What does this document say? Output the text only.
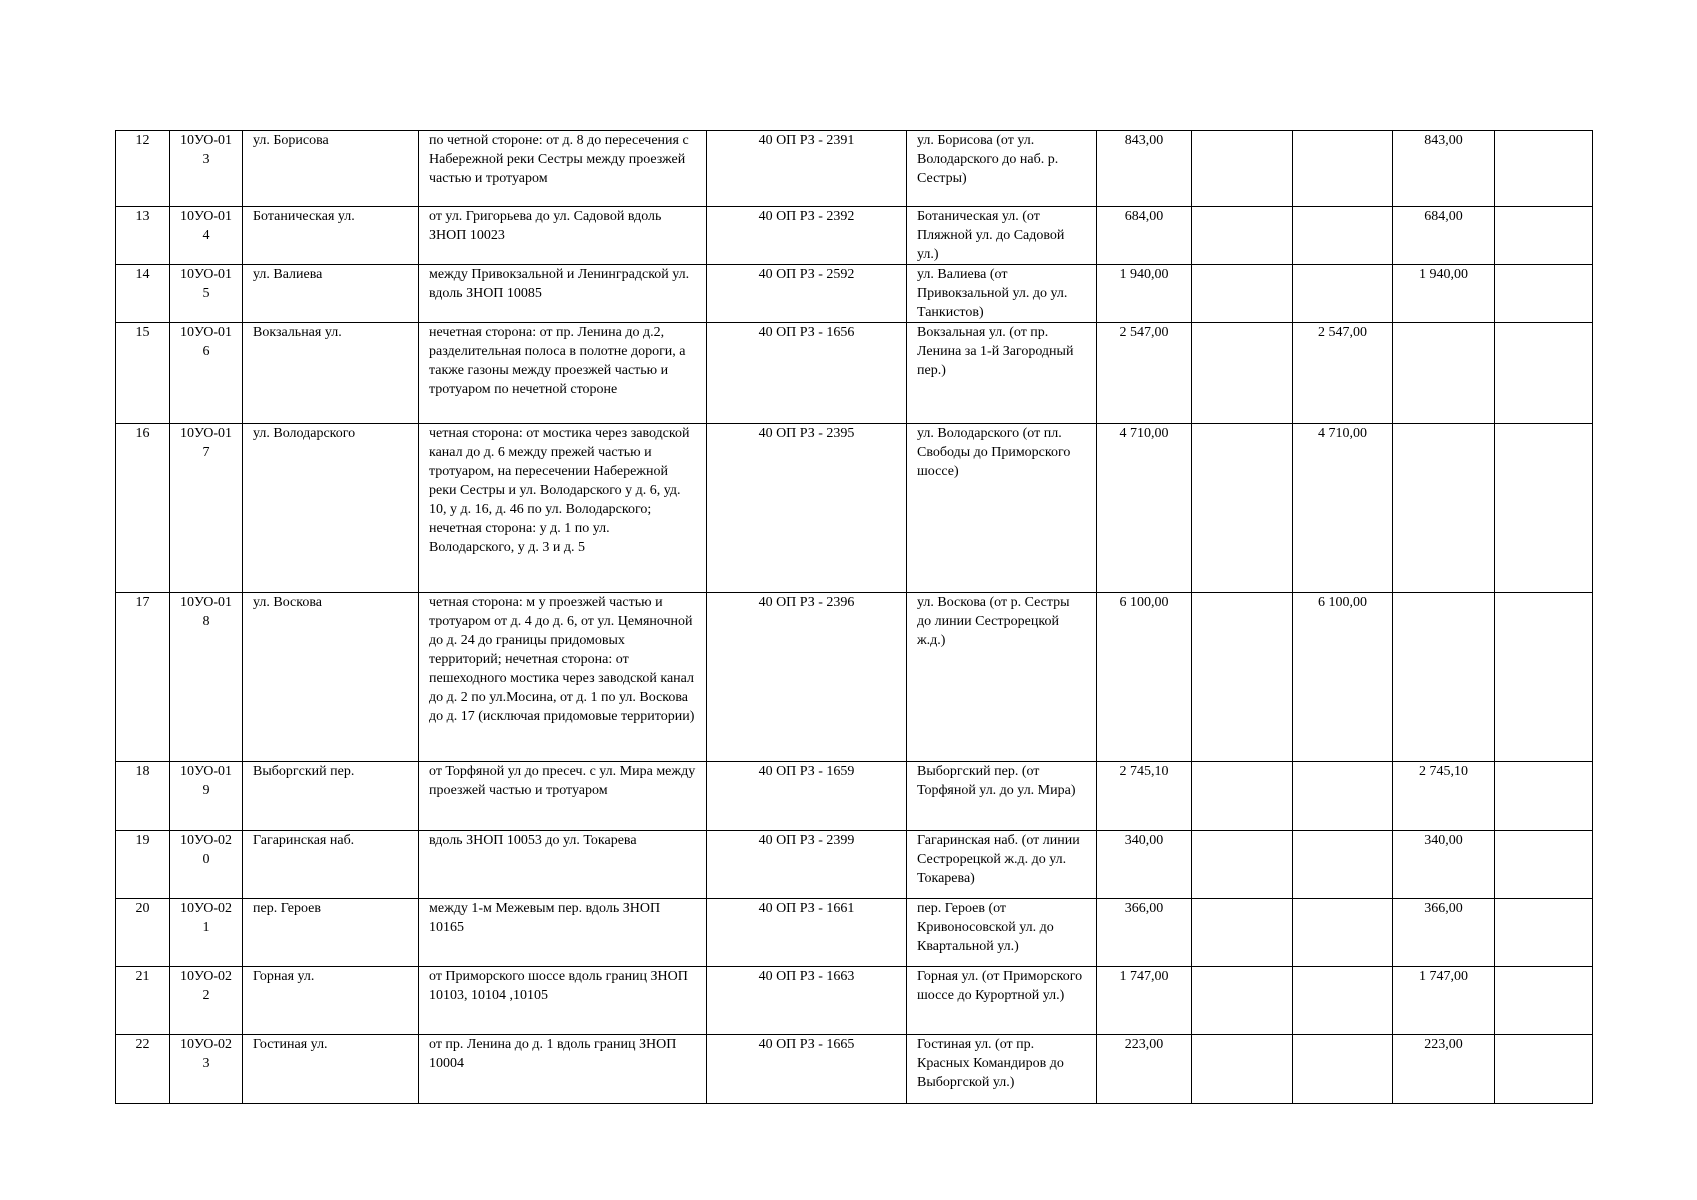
12	10УО-013	ул. Борисова	по четной стороне: от д. 8 до пересечения с Набережной реки Сестры между проезжей частью и тротуаром	40 ОП РЗ - 2391	ул. Борисова (от ул. Володарского до наб. р. Сестры)	843,00			843,00	
13	10УО-014	Ботаническая ул.	от ул. Григорьева до ул. Садовой вдоль ЗНОП 10023	40 ОП РЗ - 2392	Ботаническая ул. (от Пляжной ул. до Садовой ул.)	684,00			684,00	
14	10УО-015	ул. Валиева	между Привокзальной и Ленинградской ул. вдоль ЗНОП 10085	40 ОП РЗ - 2592	ул. Валиева (от Привокзальной ул. до ул. Танкистов)	1 940,00			1 940,00	
15	10УО-016	Вокзальная ул.	нечетная сторона: от пр. Ленина до д.2, разделительная полоса в полотне дороги, а также газоны между проезжей частью и тротуаром по нечетной стороне	40 ОП РЗ - 1656	Вокзальная ул. (от пр. Ленина за 1-й Загородный пер.)	2 547,00		2 547,00		
16	10УО-017	ул. Володарского	четная сторона: от мостика через заводской канал до д. 6 между прежей частью и тротуаром, на пересечении Набережной реки Сестры и ул. Володарского у д. 6, уд. 10, у д. 16, д. 46 по ул. Володарского; нечетная сторона: у д. 1 по ул. Володарского, у д. 3 и д. 5	40 ОП РЗ - 2395	ул. Володарского (от пл. Свободы до Приморского шоссе)	4 710,00		4 710,00		
17	10УО-018	ул. Воскова	четная сторона: м у проезжей частью и тротуаром от д. 4 до д. 6, от ул. Цемяночной до д. 24 до границы придомовых территорий; нечетная сторона: от пешеходного мостика через заводской канал до д. 2 по ул.Мосина, от д. 1 по ул. Воскова до д. 17 (исключая придомовые территории)	40 ОП РЗ - 2396	ул. Воскова (от р. Сестры до линии Сестрорецкой ж.д.)	6 100,00		6 100,00		
18	10УО-019	Выборгский пер.	от Торфяной ул до пресеч. с ул. Мира между проезжей частью и тротуаром	40 ОП РЗ - 1659	Выборгский пер. (от Торфяной ул. до ул. Мира)	2 745,10			2 745,10	
19	10УО-020	Гагаринская наб.	вдоль ЗНОП 10053 до ул. Токарева	40 ОП РЗ - 2399	Гагаринская наб. (от линии Сестрорецкой ж.д. до ул. Токарева)	340,00			340,00	
20	10УО-021	пер. Героев	между 1-м Межевым пер. вдоль ЗНОП 10165	40 ОП РЗ - 1661	пер. Героев (от Кривоносовской ул. до Квартальной ул.)	366,00			366,00	
21	10УО-022	Горная ул.	от Приморского шоссе вдоль границ ЗНОП 10103, 10104 ,10105	40 ОП РЗ - 1663	Горная ул. (от Приморского шоссе до Курортной ул.)	1 747,00			1 747,00	
22	10УО-023	Гостиная ул.	от пр. Ленина до д. 1 вдоль границ ЗНОП 10004	40 ОП РЗ - 1665	Гостиная ул. (от пр. Красных Командиров до Выборгской ул.)	223,00			223,00	
